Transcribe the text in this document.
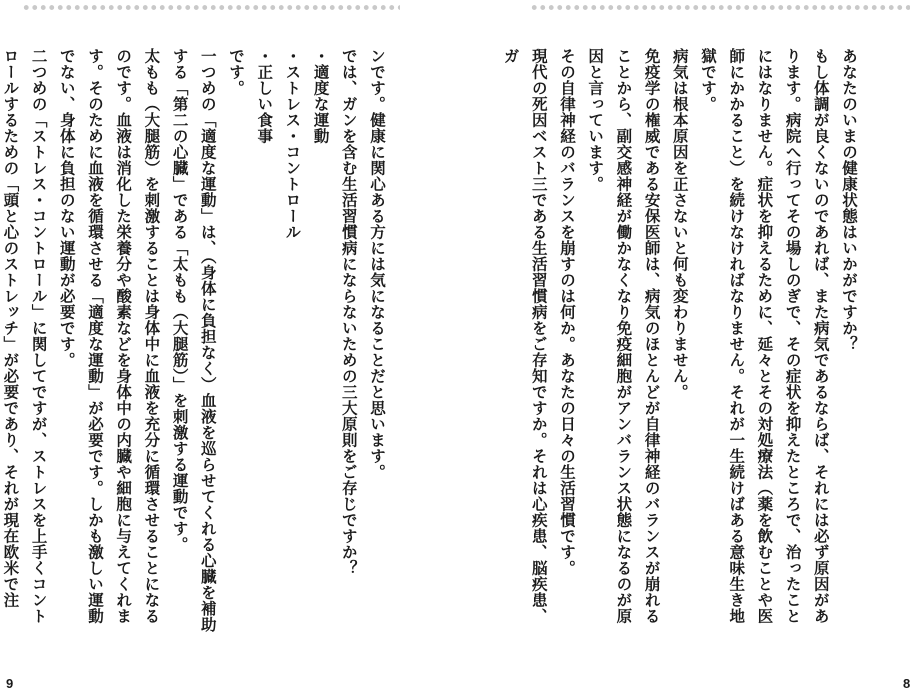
あなたのいまの健康状態はいかがですか？

もし体調が良くないのであれば、また病気であるならば、それには必ず原因があります。病院へ行ってその場しのぎで、その症状を抑えたところで、治ったことにはなりません。症状を抑えるために、延々とその対処療法（薬を飲むことや医師にかかること）を続けなければなりません。それが一生続けばある意味生き地獄です。

病気は根本原因を正さないと何も変わりません。

免疫学の権威である安保医師は、病気のほとんどが自律神経のバランスが崩れることから、副交感神経が働かなくなり免疫細胞がアンバランス状態になるのが原因と言っています。

その自律神経のバランスを崩すのは何か。あなたの日々の生活習慣です。

現代の死因ベスト三である生活習慣病をご存知ですか。それは心疾患、脳疾患、ガ

ンです。健康に関心ある方には気になることだと思います。

では、ガンを含む生活習慣病にならないための三大原則をご存じですか？

・適度な運動

・ストレス・コントロール

・正しい食事

です。

一つめの「適度な運動」は、（身体に負担なく）血液を巡らせてくれる心臓を補助する「第二の心臓」である「太もも（大腿筋）」を刺激する運動です。

太もも（大腿筋）を刺激することは身体中に血液を充分に循環させることになるのです。血液は消化した栄養分や酸素などを身体中の内臓や細胞に与えてくれます。そのために血液を循環させる「適度な運動」が必要です。しかも激しい運動でない、身体に負担のない運動が必要です。

二つめの「ストレス・コントロール」に関してですが、ストレスを上手くコントロールするための「頭と心のストレッチ」が必要であり、それが現在欧米で注

9	8
